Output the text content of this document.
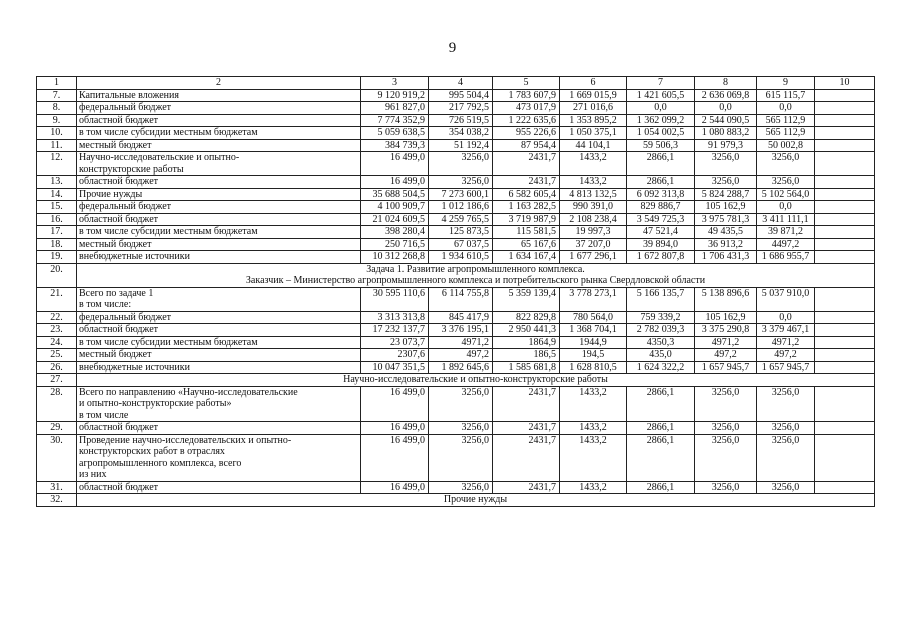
9
1	2	3	4	5	6	7	8	9	10
7.	Капитальные вложения	9 120 919,2	995 504,4	1 783 607,9	1 669 015,9	1 421 605,5	2 636 069,8	615 115,7	
8.	федеральный бюджет	961 827,0	217 792,5	473 017,9	271 016,6	0,0	0,0	0,0	
9.	областной бюджет	7 774 352,9	726 519,5	1 222 635,6	1 353 895,2	1 362 099,2	2 544 090,5	565 112,9	
10.	в том числе субсидии местным бюджетам	5 059 638,5	354 038,2	955 226,6	1 050 375,1	1 054 002,5	1 080 883,2	565 112,9	
11.	местный бюджет	384 739,3	51 192,4	87 954,4	44 104,1	59 506,3	91 979,3	50 002,8	
12.	Научно-исследовательские и опытно-
конструкторские работы	16 499,0	3256,0	2431,7	1433,2	2866,1	3256,0	3256,0	
13.	областной бюджет	16 499,0	3256,0	2431,7	1433,2	2866,1	3256,0	3256,0	
14.	Прочие нужды	35 688 504,5	7 273 600,1	6 582 605,4	4 813 132,5	6 092 313,8	5 824 288,7	5 102 564,0	
15.	федеральный бюджет	4 100 909,7	1 012 186,6	1 163 282,5	990 391,0	829 886,7	105 162,9	0,0	
16.	областной бюджет	21 024 609,5	4 259 765,5	3 719 987,9	2 108 238,4	3 549 725,3	3 975 781,3	3 411 111,1	
17.	в том числе субсидии местным бюджетам	398 280,4	125 873,5	115 581,5	19 997,3	47 521,4	49 435,5	39 871,2	
18.	местный бюджет	250 716,5	67 037,5	65 167,6	37 207,0	39 894,0	36 913,2	4497,2	
19.	внебюджетные источники	10 312 268,8	1 934 610,5	1 634 167,4	1 677 296,1	1 672 807,8	1 706 431,3	1 686 955,7	
20.	Задача 1. Развитие агропромышленного комплекса.
Заказчик – Министерство агропромышленного комплекса и потребительского рынка Свердловской области								

21.	Всего по задаче 1
в том числе:	30 595 110,6	6 114 755,8	5 359 139,4	3 778 273,1	5 166 135,7	5 138 896,6	5 037 910,0	
22.	федеральный бюджет	3 313 313,8	845 417,9	822 829,8	780 564,0	759 339,2	105 162,9	0,0	
23.	областной бюджет	17 232 137,7	3 376 195,1	2 950 441,3	1 368 704,1	2 782 039,3	3 375 290,8	3 379 467,1	
24.	в том числе субсидии местным бюджетам	23 073,7	4971,2	1864,9	1944,9	4350,3	4971,2	4971,2	
25.	местный бюджет	2307,6	497,2	186,5	194,5	435,0	497,2	497,2	
26.	внебюджетные источники	10 047 351,5	1 892 645,6	1 585 681,8	1 628 810,5	1 624 322,2	1 657 945,7	1 657 945,7	
27.	Научно-исследовательские и опытно-конструкторские работы								

28.	Всего по направлению «Научно-исследовательские
и опытно-конструкторские работы»
в том числе	16 499,0	3256,0	2431,7	1433,2	2866,1	3256,0	3256,0	
29.	областной бюджет	16 499,0	3256,0	2431,7	1433,2	2866,1	3256,0	3256,0	
30.	Проведение научно-исследовательских и опытно-
конструкторских работ в отраслях
агропромышленного комплекса, всего
из них	16 499,0	3256,0	2431,7	1433,2	2866,1	3256,0	3256,0	
31.	областной бюджет	16 499,0	3256,0	2431,7	1433,2	2866,1	3256,0	3256,0	
32.	Прочие нужды								
